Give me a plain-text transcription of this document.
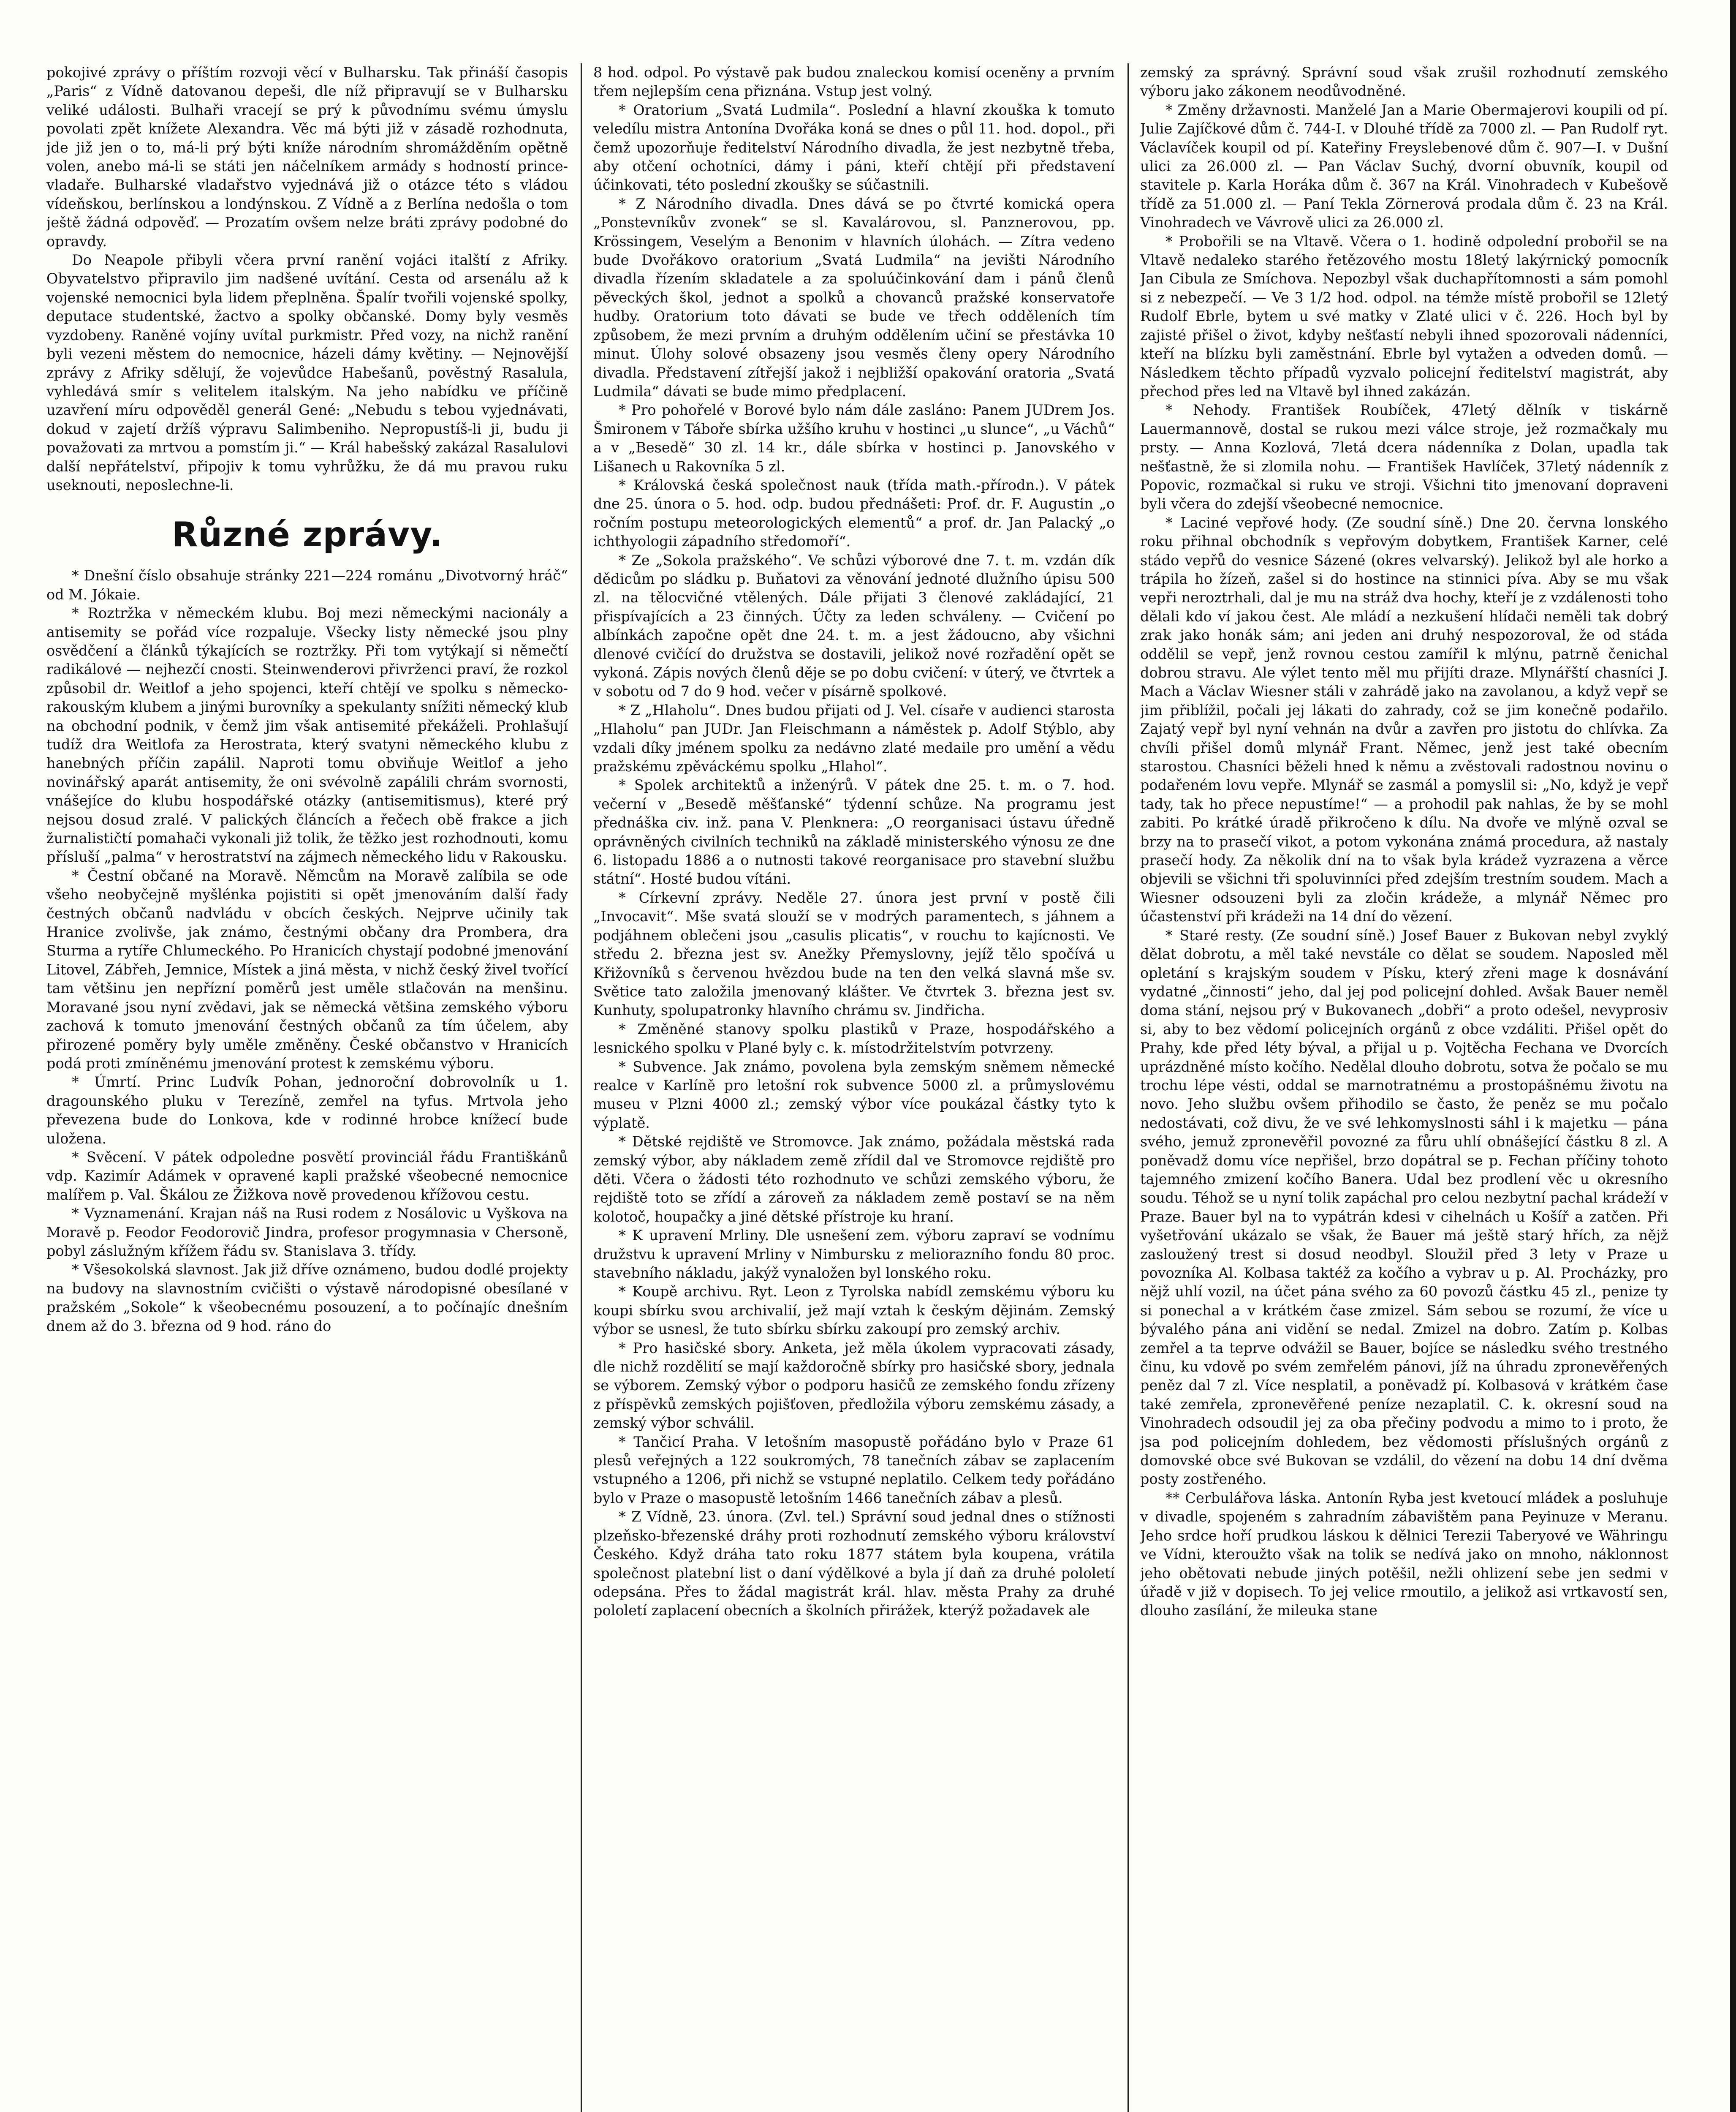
pokojivé zprávy o příštím rozvoji věcí v Bulharsku. Tak přináší časopis „Paris“ z Vídně datovanou depeši, dle níž připravují se v Bulharsku veliké události. Bulhaři vracejí se prý k původnímu svému úmyslu povolati zpět knížete Alexandra. Věc má býti již v zásadě rozhodnuta, jde již jen o to, má-li prý býti kníže národním shromážděním opětně volen, anebo má-li se státi jen náčelníkem armády s hodností prince-vladaře. Bulharské vladařstvo vyjednává již o otázce této s vládou vídeňskou, berlínskou a londýnskou. Z Vídně a z Berlína nedošla o tom ještě žádná odpověď. — Prozatím ovšem nelze bráti zprávy podobné do opravdy.

Do Neapole přibyli včera první ranění vojáci italští z Afriky. Obyvatelstvo připravilo jim nadšené uvítání. Cesta od arsenálu až k vojenské nemocnici byla lidem přeplněna. Špalír tvořili vojenské spolky, deputace studentské, žactvo a spolky občanské. Domy byly vesměs vyzdobeny. Raněné vojíny uvítal purkmistr. Před vozy, na nichž ranění byli vezeni městem do nemocnice, házeli dámy květiny. — Nejnovější zprávy z Afriky sdělují, že vojevůdce Habešanů, pověstný Rasalula, vyhledává smír s velitelem italským. Na jeho nabídku ve příčině uzavření míru odpověděl generál Gené: „Nebudu s tebou vyjednávati, dokud v zajetí držíš výpravu Salimbeniho. Nepropustíš-li ji, budu ji považovati za mrtvou a pomstím ji.“ — Král habešský zakázal Rasalulovi další nepřátelství, připojiv k tomu vyhrůžku, že dá mu pravou ruku useknouti, neposlechne-li.

Různé zprávy.

* Dnešní číslo obsahuje stránky 221—224 románu „Divotvorný hráč“ od M. Jókaie.

* Roztržka v německém klubu. Boj mezi německými nacionály a antisemity se pořád více rozpaluje. Všecky listy německé jsou plny osvědčení a článků týkajících se roztržky. Při tom vytýkají si němečtí radikálové — nejhezčí cnosti. Steinwenderovi přivrženci praví, že rozkol způsobil dr. Weitlof a jeho spojenci, kteří chtějí ve spolku s německo-rakouským klubem a jinými burovníky a spekulanty snížiti německý klub na obchodní podnik, v čemž jim však antisemité překáželi. Prohlašují tudíž dra Weitlofa za Herostrata, který svatyni německého klubu z hanebných příčin zapálil. Naproti tomu obviňuje Weitlof a jeho novinářský aparát antisemity, že oni svévolně zapálili chrám svornosti, vnášejíce do klubu hospodářské otázky (antisemitismus), které prý nejsou dosud zralé. V palických článcích a řečech obě frakce a jich žurnalističtí pomahači vykonali již tolik, že těžko jest rozhodnouti, komu přísluší „palma“ v herostratství na zájmech německého lidu v Rakousku.

* Čestní občané na Moravě. Němcům na Moravě zalíbila se ode všeho neobyčejně myšlénka pojistiti si opět jmenováním další řady čestných občanů nadvládu v obcích českých. Nejprve učinily tak Hranice zvolivše, jak známo, čestnými občany dra Prombera, dra Sturma a rytíře Chlumeckého. Po Hranicích chystají podobné jmenování Litovel, Zábřeh, Jemnice, Místek a jiná města, v nichž český živel tvořící tam většinu jen nepřízní poměrů jest uměle stlačován na menšinu. Moravané jsou nyní zvědavi, jak se německá většina zemského výboru zachová k tomuto jmenování čestných občanů za tím účelem, aby přirozené poměry byly uměle změněny. České občanstvo v Hranicích podá proti zmíněnému jmenování protest k zemskému výboru.

* Úmrtí. Princ Ludvík Pohan, jednoroční dobrovolník u 1. dragounského pluku v Terezíně, zemřel na tyfus. Mrtvola jeho převezena bude do Lonkova, kde v rodinné hrobce knížecí bude uložena.

* Svěcení. V pátek odpoledne posvětí provinciál řádu Františkánů vdp. Kazimír Adámek v opravené kapli pražské všeobecné nemocnice malířem p. Val. Škálou ze Žižkova nově provedenou křížovou cestu.

* Vyznamenání. Krajan náš na Rusi rodem z Nosálovic u Vyškova na Moravě p. Feodor Feodorovič Jindra, profesor progymnasia v Chersoně, pobyl záslužným křížem řádu sv. Stanislava 3. třídy.

* Všesokolská slavnost. Jak již dříve oznámeno, budou dodlé projekty na budovy na slavnostním cvičišti o výstavě národopisné obesílané v pražském „Sokole“ k všeobecnému posouzení, a to počínajíc dnešním dnem až do 3. března od 9 hod. ráno do

8 hod. odpol. Po výstavě pak budou znaleckou komisí oceněny a prvním třem nejlepším cena přiznána. Vstup jest volný.

* Oratorium „Svatá Ludmila“. Poslední a hlavní zkouška k tomuto veledílu mistra Antonína Dvořáka koná se dnes o půl 11. hod. dopol., při čemž upozorňuje ředitelství Národního divadla, že jest nezbytně třeba, aby otčení ochotníci, dámy i páni, kteří chtějí při představení účinkovati, této poslední zkoušky se súčastnili.

* Z Národního divadla. Dnes dává se po čtvrté komická opera „Ponstevníkův zvonek“ se sl. Kavalárovou, sl. Panznerovou, pp. Krössingem, Veselým a Benonim v hlavních úlohách. — Zítra vedeno bude Dvořákovo oratorium „Svatá Ludmila“ na jevišti Národního divadla řízením skladatele a za spoluúčinkování dam i pánů členů pěveckých škol, jednot a spolků a chovanců pražské konservatoře hudby. Oratorium toto dávati se bude ve třech odděleních tím způsobem, že mezi prvním a druhým oddělením učiní se přestávka 10 minut. Úlohy solové obsazeny jsou vesměs členy opery Národního divadla. Představení zítřejší jakož i nejbližší opakování oratoria „Svatá Ludmila“ dávati se bude mimo předplacení.

* Pro pohořelé v Borové bylo nám dále zasláno: Panem JUDrem Jos. Šmironem v Táboře sbírka užšího kruhu v hostinci „u slunce“, „u Váchů“ a v „Besedě“ 30 zl. 14 kr., dále sbírka v hostinci p. Janovského v Lišanech u Rakovníka 5 zl.

* Královská česká společnost nauk (třída math.-přírodn.). V pátek dne 25. února o 5. hod. odp. budou přednášeti: Prof. dr. F. Augustin „o ročním postupu meteorologických elementů“ a prof. dr. Jan Palacký „o ichthyologii západního středomoří“.

* Ze „Sokola pražského“. Ve schůzi výborové dne 7. t. m. vzdán dík dědicům po sládku p. Buňatovi za věnování jednoté dlužního úpisu 500 zl. na tělocvičné vtělených. Dále přijati 3 členové zakládající, 21 přispívajících a 23 činných. Účty za leden schváleny. — Cvičení po albínkách započne opět dne 24. t. m. a jest žádoucno, aby všichni dlenové cvičící do družstva se dostavili, jelikož nové rozřadění opět se vykoná. Zápis nových členů děje se po dobu cvičení: v úterý, ve čtvrtek a v sobotu od 7 do 9 hod. večer v písárně spolkové.

* Z „Hlaholu“. Dnes budou přijati od J. Vel. císaře v audienci starosta „Hlaholu“ pan JUDr. Jan Fleischmann a náměstek p. Adolf Stýblo, aby vzdali díky jménem spolku za nedávno zlaté medaile pro umění a vědu pražskému zpěváckému spolku „Hlahol“.

* Spolek architektů a inženýrů. V pátek dne 25. t. m. o 7. hod. večerní v „Besedě měšťanské“ týdenní schůze. Na programu jest přednáška civ. inž. pana V. Plenknera: „O reorganisaci ústavu úředně oprávněných civilních techniků na základě ministerského výnosu ze dne 6. listopadu 1886 a o nutnosti takové reorganisace pro stavební službu státní“. Hosté budou vítáni.

* Církevní zprávy. Neděle 27. února jest první v postě čili „Invocavit“. Mše svatá slouží se v modrých paramentech, s jáhnem a podjáhnem oblečeni jsou „casulis plicatis“, v rouchu to kajícnosti. Ve středu 2. března jest sv. Anežky Přemyslovny, jejíž tělo spočívá u Křižovníků s červenou hvězdou bude na ten den velká slavná mše sv. Světice tato založila jmenovaný klášter. Ve čtvrtek 3. března jest sv. Kunhuty, spolupatronky hlavního chrámu sv. Jindřicha.

* Změněné stanovy spolku plastiků v Praze, hospodářského a lesnického spolku v Plané byly c. k. místodržitelstvím potvrzeny.

* Subvence. Jak známo, povolena byla zemským sněmem německé realce v Karlíně pro letošní rok subvence 5000 zl. a průmyslovému museu v Plzni 4000 zl.; zemský výbor více poukázal částky tyto k výplatě.

* Dětské rejdiště ve Stromovce. Jak známo, požádala městská rada zemský výbor, aby nákladem země zřídil dal ve Stromovce rejdiště pro děti. Včera o žádosti této rozhodnuto ve schůzi zemského výboru, že rejdiště toto se zřídí a zároveň za nákladem země postaví se na něm kolotoč, houpačky a jiné dětské přístroje ku hraní.

* K upravení Mrliny. Dle usnešení zem. výboru zapraví se vodnímu družstvu k upravení Mrliny v Nimbursku z meliorazního fondu 80 proc. stavebního nákladu, jakýž vynaložen byl lonského roku.

* Koupě archivu. Ryt. Leon z Tyrolska nabídl zemskému výboru ku koupi sbírku svou archivalií, jež mají vztah k českým dějinám. Zemský výbor se usnesl, že tuto sbírku sbírku zakoupí pro zemský archiv.

* Pro hasičské sbory. Anketa, jež měla úkolem vypracovati zásady, dle nichž rozdělití se mají každoročně sbírky pro hasičské sbory, jednala se výborem. Zemský výbor o podporu hasičů ze zemského fondu zřízeny z příspěvků zemských pojišťoven, předložila výboru zemskému zásady, a zemský výbor schválil.

* Tančicí Praha. V letošním masopustě pořádáno bylo v Praze 61 plesů veřejných a 122 soukromých, 78 tanečních zábav se zaplacením vstupného a 1206, při nichž se vstupné neplatilo. Celkem tedy pořádáno bylo v Praze o masopustě letošním 1466 tanečních zábav a plesů.

* Z Vídně, 23. února. (Zvl. tel.) Správní soud jednal dnes o stížnosti plzeňsko-březenské dráhy proti rozhodnutí zemského výboru království Českého. Když dráha tato roku 1877 státem byla koupena, vrátila společnost platební list o daní výdělkové a byla jí daň za druhé pololetí odepsána. Přes to žádal magistrát král. hlav. města Prahy za druhé pololetí zaplacení obecních a školních přirážek, kterýž požadavek ale

zemský za správný. Správní soud však zrušil rozhodnutí zemského výboru jako zákonem neodůvodněné.

* Změny državnosti. Manželé Jan a Marie Obermajerovi koupili od pí. Julie Zajíčkové dům č. 744-I. v Dlouhé třídě za 7000 zl. — Pan Rudolf ryt. Václavíček koupil od pí. Kateřiny Freyslebenové dům č. 907—I. v Dušní ulici za 26.000 zl. — Pan Václav Suchý, dvorní obuvník, koupil od stavitele p. Karla Horáka dům č. 367 na Král. Vinohradech v Kubešově třídě za 51.000 zl. — Paní Tekla Zörnerová prodala dům č. 23 na Král. Vinohradech ve Vávrově ulici za 26.000 zl.

* Probořili se na Vltavě. Včera o 1. hodině odpolední probořil se na Vltavě nedaleko starého řetězového mostu 18letý lakýrnický pomocník Jan Cibula ze Smíchova. Nepozbyl však duchapřítomnosti a sám pomohl si z nebezpečí. — Ve 3 1/2 hod. odpol. na témže místě probořil se 12letý Rudolf Ebrle, bytem u své matky v Zlaté ulici v č. 226. Hoch byl by zajisté přišel o život, kdyby nešťastí nebyli ihned spozorovali nádenníci, kteří na blízku byli zaměstnání. Ebrle byl vytažen a odveden domů. — Následkem těchto případů vyzvalo policejní ředitelství magistrát, aby přechod přes led na Vltavě byl ihned zakázán.

* Nehody. František Roubíček, 47letý dělník v tiskárně Lauermannově, dostal se rukou mezi válce stroje, jež rozmačkaly mu prsty. — Anna Kozlová, 7letá dcera nádenníka z Dolan, upadla tak nešťastně, že si zlomila nohu. — František Havlíček, 37letý nádenník z Popovic, rozmačkal si ruku ve stroji. Všichni tito jmenovaní dopraveni byli včera do zdejší všeobecné nemocnice.

* Laciné vepřové hody. (Ze soudní síně.) Dne 20. června lonského roku přihnal obchodník s vepřovým dobytkem, František Karner, celé stádo vepřů do vesnice Sázené (okres velvarský). Jelikož byl ale horko a trápila ho žízeň, zašel si do hostince na stinnici píva. Aby se mu však vepři neroztrhali, dal je mu na stráž dva hochy, kteří je z vzdálenosti toho dělali kdo ví jakou čest. Ale mládí a nezkušení hlídači neměli tak dobrý zrak jako honák sám; ani jeden ani druhý nespozoroval, že od stáda oddělil se vepř, jenž rovnou cestou zamířil k mlýnu, patrně čenichal dobrou stravu. Ale výlet tento měl mu přijíti draze. Mlynářští chasníci J. Mach a Václav Wiesner stáli v zahrádě jako na zavolanou, a když vepř se jim přiblížil, počali jej lákati do zahrady, což se jim konečně podařilo. Zajatý vepř byl nyní vehnán na dvůr a zavřen pro jistotu do chlívka. Za chvíli přišel domů mlynář Frant. Němec, jenž jest také obecním starostou. Chasníci běželi hned k němu a zvěstovali radostnou novinu o podařeném lovu vepře. Mlynář se zasmál a pomyslil si: „No, když je vepř tady, tak ho přece nepustíme!“ — a prohodil pak nahlas, že by se mohl zabiti. Po krátké úradě přikročeno k dílu. Na dvoře ve mlýně ozval se brzy na to prasečí vikot, a potom vykonána známá procedura, až nastaly prasečí hody. Za několik dní na to však byla krádež vyzrazena a věrce objevili se všichni tři spoluvinníci před zdejším trestním soudem. Mach a Wiesner odsouzeni byli za zločin krádeže, a mlynář Němec pro účastenství při krádeži na 14 dní do vězení.

* Staré resty. (Ze soudní síně.) Josef Bauer z Bukovan nebyl zvyklý dělat dobrotu, a měl také nevstále co dělat se soudem. Naposled měl opletání s krajským soudem v Písku, který zřeni mage k dosnávání vydatné „činnosti“ jeho, dal jej pod policejní dohled. Avšak Bauer neměl doma stání, nejsou prý v Bukovanech „dobři“ a proto odešel, nevyprosiv si, aby to bez vědomí policejních orgánů z obce vzdáliti. Přišel opět do Prahy, kde před léty býval, a přijal u p. Vojtěcha Fechana ve Dvorcích uprázdněné místo kočího. Nedělal dlouho dobrotu, sotva že počalo se mu trochu lépe vésti, oddal se marnotratnému a prostopášnému životu na novo. Jeho službu ovšem přihodilo se často, že peněz se mu počalo nedostávati, což divu, že ve své lehkomyslnosti sáhl i k majetku — pána svého, jemuž zpronevěřil povozné za fůru uhlí obnášející částku 8 zl. A poněvadž domu více nepřišel, brzo dopátral se p. Fechan příčiny tohoto tajemného zmizení kočího Banera. Udal bez prodlení věc u okresního soudu. Téhož se u nyní tolik zapáchal pro celou nezbytní pachal krádeží v Praze. Bauer byl na to vypátrán kdesi v cihelnách u Košíř a zatčen. Při vyšetřování ukázalo se však, že Bauer má ještě starý hřích, za nějž zasloužený trest si dosud neodbyl. Sloužil před 3 lety v Praze u povozníka Al. Kolbasa taktéž za kočího a vybrav u p. Al. Procházky, pro nějž uhlí vozil, na účet pána svého za 60 povozů částku 45 zl., penize ty si ponechal a v krátkém čase zmizel. Sám sebou se rozumí, že více u bývalého pána ani vidění se nedal. Zmizel na dobro. Zatím p. Kolbas zemřel a ta teprve odvážil se Bauer, bojíce se následku svého trestného činu, ku vdově po svém zemřelém pánovi, jíž na úhradu zpronevěřených peněz dal 7 zl. Více nesplatil, a poněvadž pí. Kolbasová v krátkém čase také zemřela, zpronevěřené peníze nezaplatil. C. k. okresní soud na Vinohradech odsoudil jej za oba přečiny podvodu a mimo to i proto, že jsa pod policejním dohledem, bez vědomosti příslušných orgánů z domovské obce své Bukovan se vzdálil, do vězení na dobu 14 dní dvěma posty zostřeného.

** Cerbulářova láska. Antonín Ryba jest kvetoucí mládek a posluhuje v divadle, spojeném s zahradním zábavištěm pana Peyinuze v Meranu. Jeho srdce hoří prudkou láskou k dělnici Terezii Taberyové ve Währingu ve Vídni, kteroužto však na tolik se nedívá jako on mnoho, náklonnost jeho obětovati nebude jiných potěšil, nežli ohlizení sebe jen sedmi v úřadě v již v dopisech. To jej velice rmoutilo, a jelikož asi vrtkavostí sen, dlouho zasílání, že mileuka stane
